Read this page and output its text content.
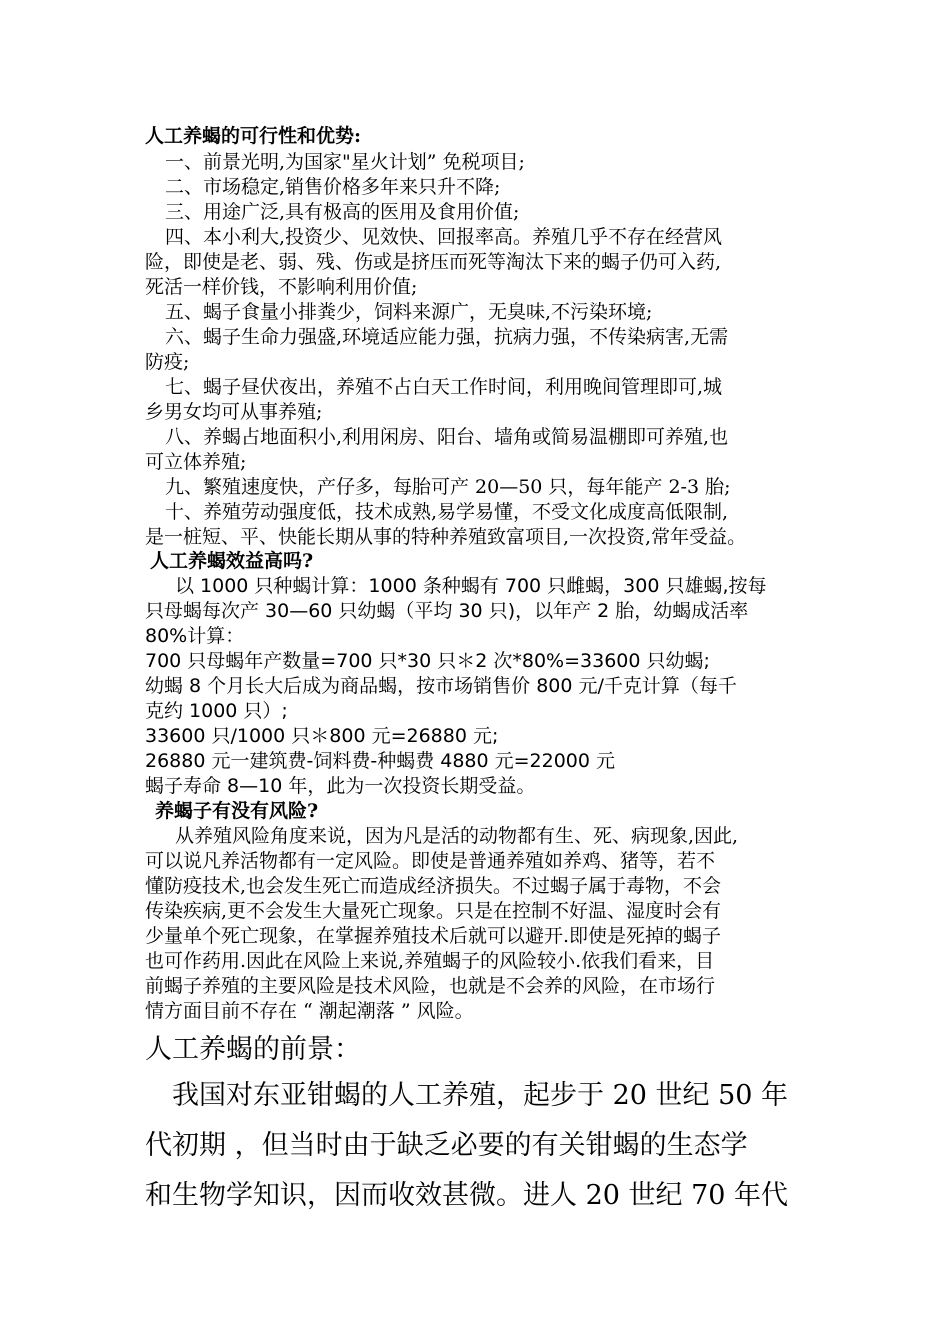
人工养蝎的可行性和优势:
一、前景光明,为国家"星火计划” 免税项目;
二、市场稳定,销售价格多年来只升不降;
三、用途广泛,具有极高的医用及食用价值;
四、本小利大,投资少、见效快、回报率高。养殖几乎不存在经营风
险，即使是老、弱、残、伤或是挤压而死等淘汰下来的蝎子仍可入药,
死活一样价钱，不影响利用价值;
五、蝎子食量小排粪少，饲料来源广，无臭味,不污染环境;
六、蝎子生命力强盛,环境适应能力强，抗病力强，不传染病害,无需
防疫;
七、蝎子昼伏夜出，养殖不占白天工作时间，利用晚间管理即可,城
乡男女均可从事养殖;
八、养蝎占地面积小,利用闲房、阳台、墙角或简易温棚即可养殖,也
可立体养殖;
九、繁殖速度快，产仔多，每胎可产 20—50 只，每年能产 2-3 胎;
十、养殖劳动强度低，技术成熟,易学易懂，不受文化成度高低限制,
是一桩短、平、快能长期从事的特种养殖致富项目,一次投资,常年受益。
人工养蝎效益高吗?
以 1000 只种蝎计算：1000 条种蝎有 700 只雌蝎，300 只雄蝎,按每
只母蝎每次产 30—60 只幼蝎（平均 30 只)，以年产 2 胎，幼蝎成活率
80%计算：
700 只母蝎年产数量=700 只*30 只＊2 次*80%=33600 只幼蝎;
幼蝎 8 个月长大后成为商品蝎，按市场销售价 800 元/千克计算（每千
克约 1000 只）;
33600 只/1000 只＊800 元=26880 元;
26880 元一建筑费-饲料费-种蝎费 4880 元=22000 元
蝎子寿命 8—10 年，此为一次投资长期受益。
养蝎子有没有风险?
从养殖风险角度来说，因为凡是活的动物都有生、死、病现象,因此,
可以说凡养活物都有一定风险。即使是普通养殖如养鸡、猪等，若不
懂防疫技术,也会发生死亡而造成经济损失。不过蝎子属于毒物，不会
传染疾病,更不会发生大量死亡现象。只是在控制不好温、湿度时会有
少量单个死亡现象，在掌握养殖技术后就可以避开.即使是死掉的蝎子
也可作药用.因此在风险上来说,养殖蝎子的风险较小.依我们看来，目
前蝎子养殖的主要风险是技术风险，也就是不会养的风险，在市场行
情方面目前不存在 “ 潮起潮落 ” 风险。
人工养蝎的前景：
我国对东亚钳蝎的人工养殖，起步于 20 世纪 50 年
代初期 ，但当时由于缺乏必要的有关钳蝎的生态学
和生物学知识，因而收效甚微。进人 20 世纪 70 年代
